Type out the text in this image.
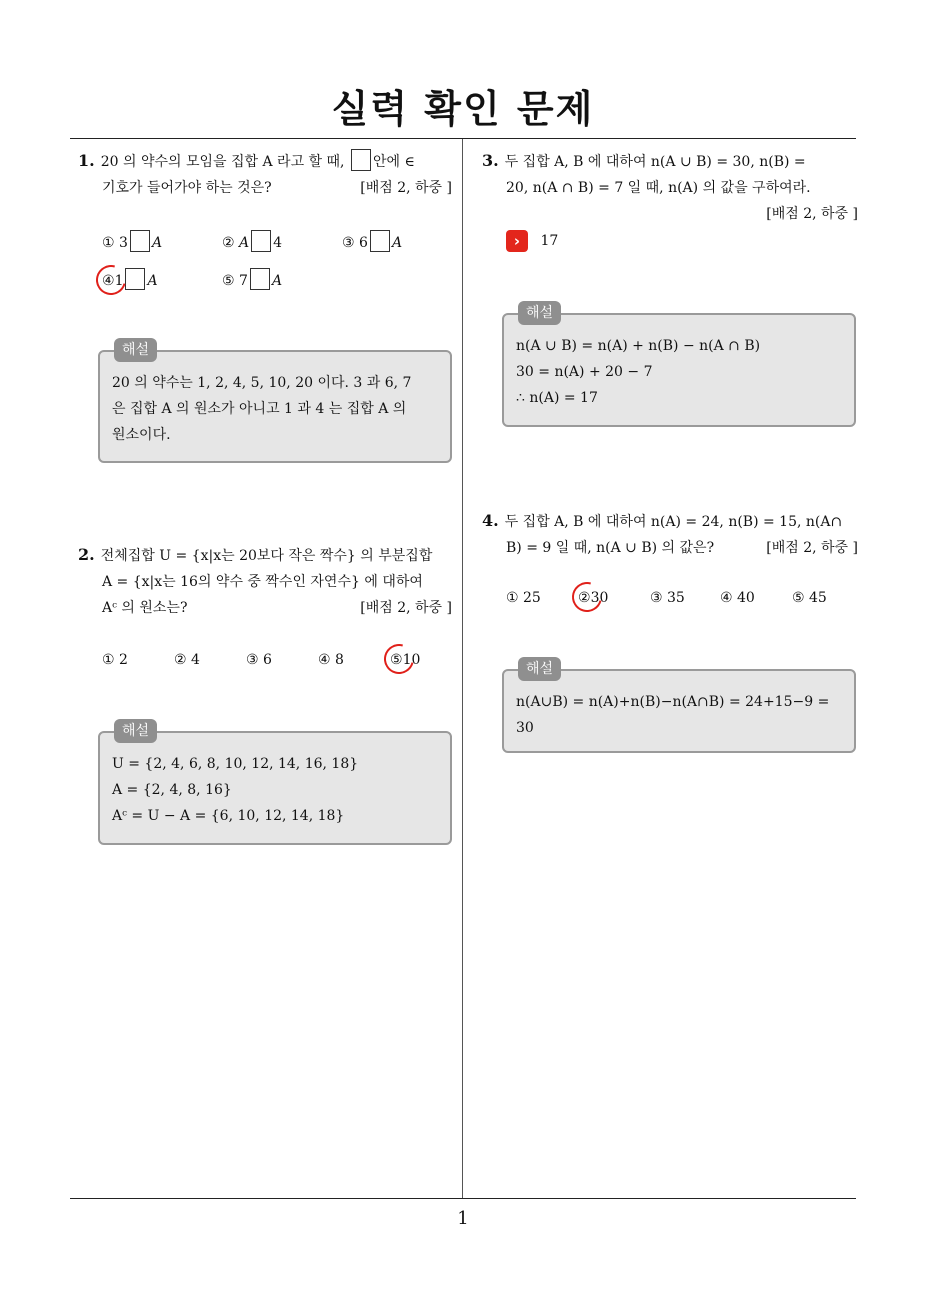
실력 확인 문제
1
1. 20 의 약수의 모임을 집합 A 라고 할 때, 안에 ∈
기호가 들어가야 하는 것은?	[배점 2, 하중 ]
① 3 A	② A 4	③ 6 A
④1 A	⑤ 7 A
해설
20 의 약수는 1, 2, 4, 5, 10, 20 이다. 3 과 6, 7
은 집합 A 의 원소가 아니고 1 과 4 는 집합 A 의
원소이다.
2. 전체집합 U = {x|x는 20보다 작은 짝수} 의 부분집합
A = {x|x는 16의 약수 중 짝수인 자연수} 에 대하여
Aᶜ 의 원소는?	[배점 2, 하중 ]
① 2	② 4	③ 6	④ 8	⑤10
해설
U = {2, 4, 6, 8, 10, 12, 14, 16, 18}
A = {2, 4, 8, 16}
Aᶜ = U − A = {6, 10, 12, 14, 18}
3. 두 집합 A, B 에 대하여 n(A ∪ B) = 30, n(B) =
20, n(A ∩ B) = 7 일 때, n(A) 의 값을 구하여라.
[배점 2, 하중 ]
› 17
해설
n(A ∪ B) = n(A) + n(B) − n(A ∩ B)
30 = n(A) + 20 − 7
∴ n(A) = 17
4. 두 집합 A, B 에 대하여 n(A) = 24, n(B) = 15, n(A∩
B) = 9 일 때, n(A ∪ B) 의 값은?	[배점 2, 하중 ]
① 25	②30	③ 35	④ 40	⑤ 45
해설
n(A∪B) = n(A)+n(B)−n(A∩B) = 24+15−9 =
30
